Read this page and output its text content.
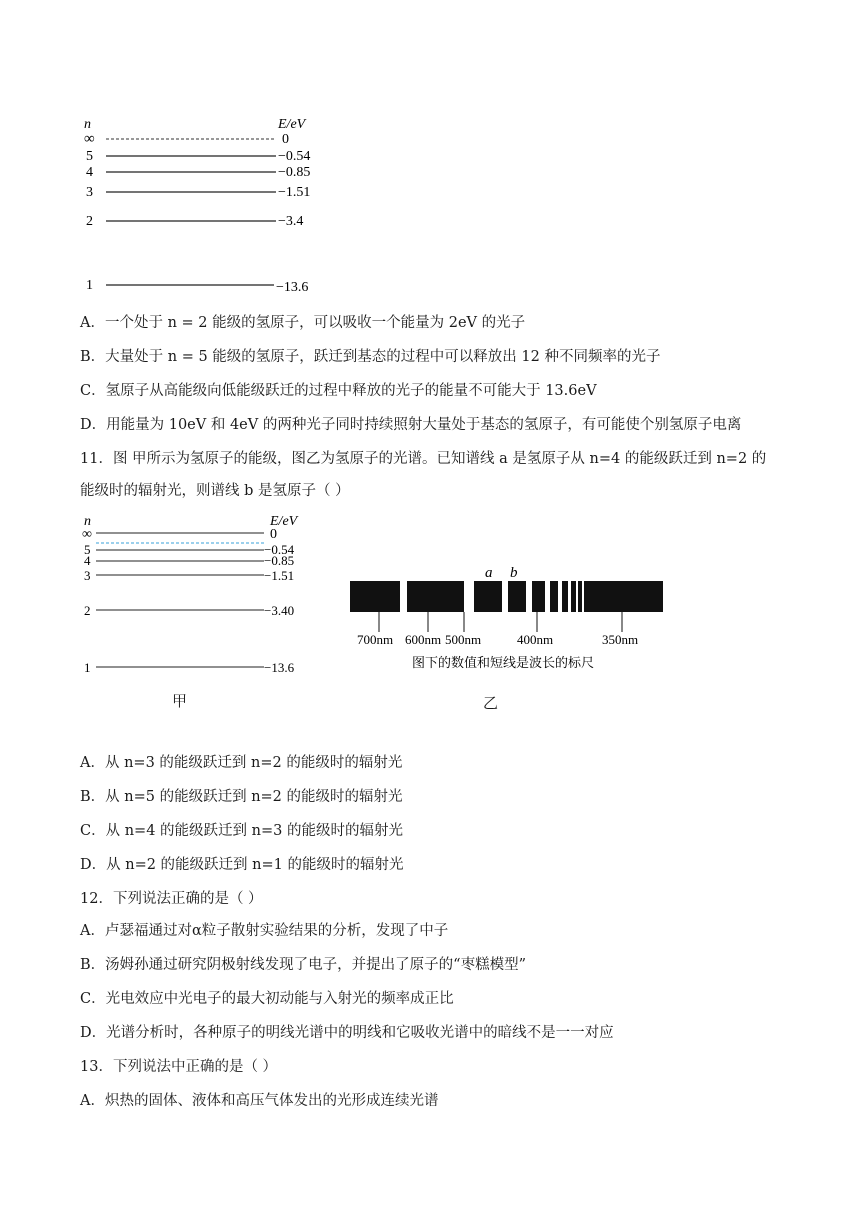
n	E/eV
∞	0
5	−0.54
4	−0.85
3	−1.51
2	−3.4
1	−13.6
A．一个处于 n = 2 能级的氢原子，可以吸收一个能量为 2eV 的光子
B．大量处于 n = 5 能级的氢原子，跃迁到基态的过程中可以释放出 12 种不同频率的光子
C．氢原子从高能级向低能级跃迁的过程中释放的光子的能量不可能大于 13.6eV
D．用能量为 10eV 和 4eV 的两种光子同时持续照射大量处于基态的氢原子，有可能使个别氢原子电离
11．图 甲所示为氢原子的能级，图乙为氢原子的光谱。已知谱线 a 是氢原子从 n=4 的能级跃迁到 n=2 的
能级时的辐射光，则谱线 b 是氢原子（ ）
n	E/eV
∞	0
5	−0.54
4	−0.85
3	−1.51
2	−3.40
1	−13.6
甲
a b
700nm 600nm 500nm	400nm	350nm
图下的数值和短线是波长的标尺
乙
A．从 n=3 的能级跃迁到 n=2 的能级时的辐射光
B．从 n=5 的能级跃迁到 n=2 的能级时的辐射光
C．从 n=4 的能级跃迁到 n=3 的能级时的辐射光
D．从 n=2 的能级跃迁到 n=1 的能级时的辐射光
12．下列说法正确的是（ ）
A．卢瑟福通过对α粒子散射实验结果的分析，发现了中子
B．汤姆孙通过研究阴极射线发现了电子，并提出了原子的“枣糕模型”
C．光电效应中光电子的最大初动能与入射光的频率成正比
D．光谱分析时，各种原子的明线光谱中的明线和它吸收光谱中的暗线不是一一对应
13．下列说法中正确的是（ ）
A．炽热的固体、液体和高压气体发出的光形成连续光谱
